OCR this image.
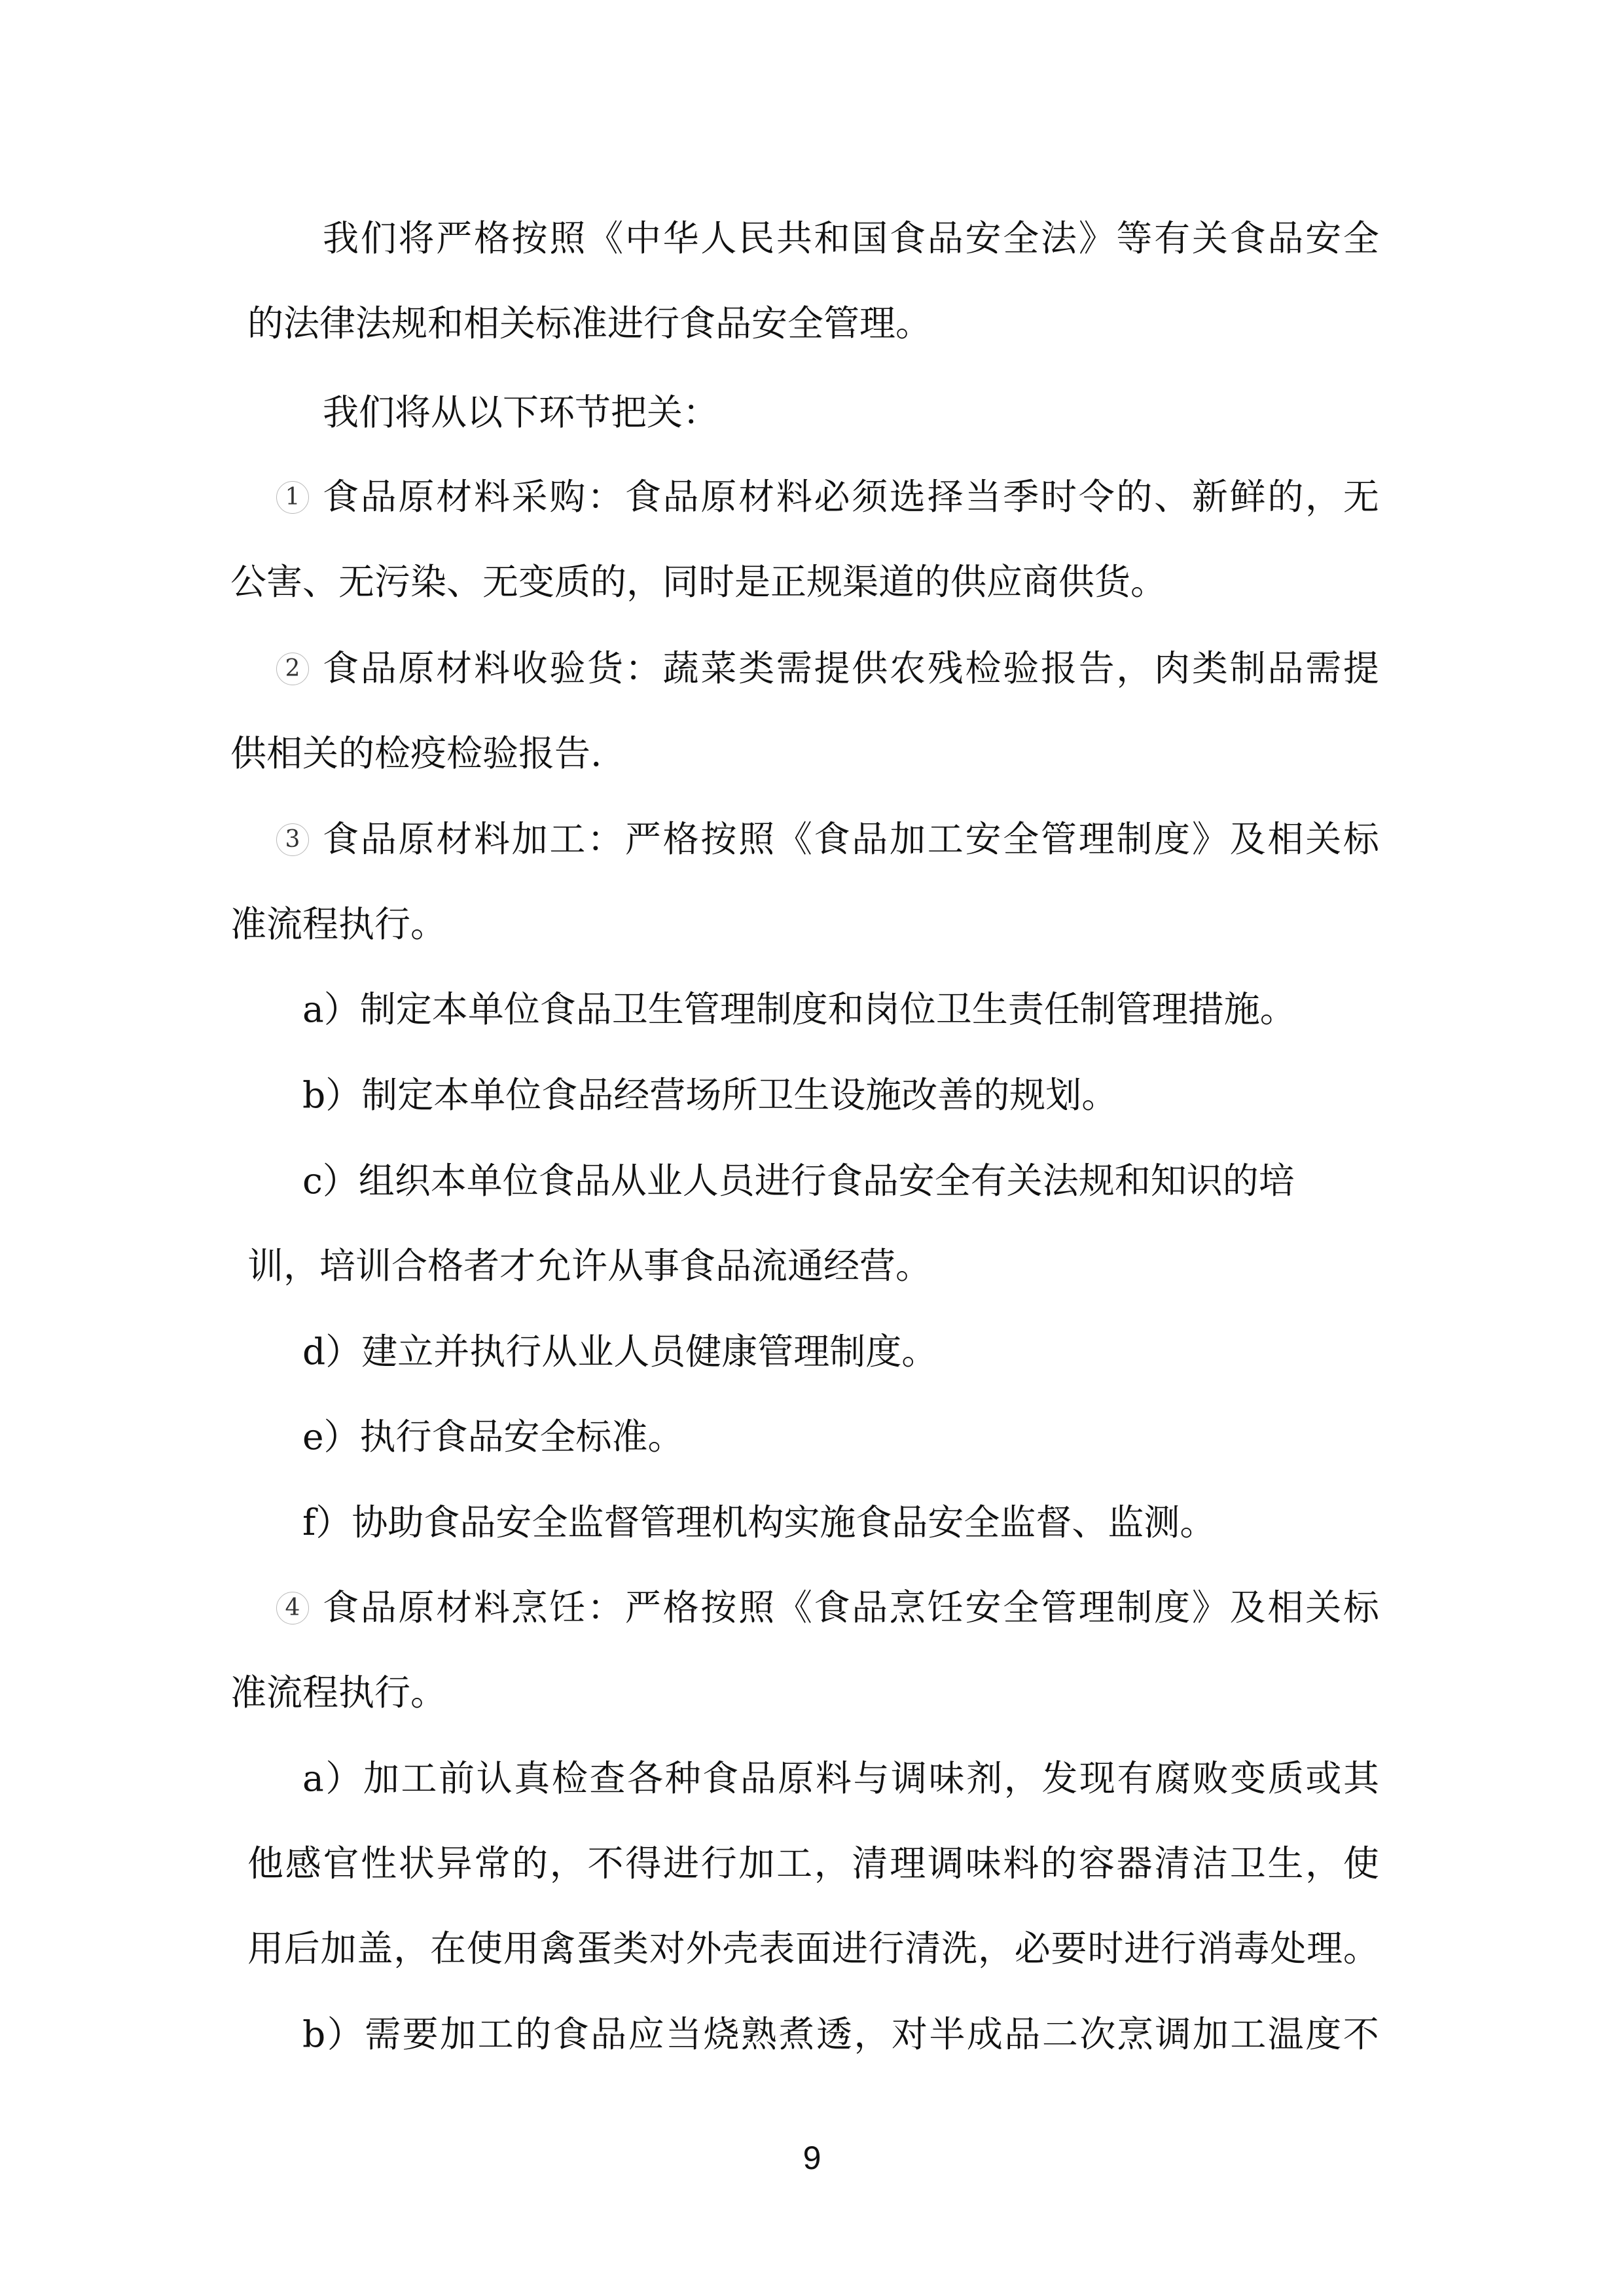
我 们 将 严 格 按 照 《 中 华 人 民 共 和 国 食 品 安 全 法 》 等 有 关 食 品 安 全
的法律法规和相关标准进行食品安全管理。
我们将从以下环节把关：
1 食 品 原 材 料 采 购 ： 食 品 原 材 料 必 须 选 择 当 季 时 令 的 、 新 鲜 的 ， 无
公害、无污染、无变质的，同时是正规渠道的供应商供货。
2 食 品 原 材 料 收 验 货 ： 蔬 菜 类 需 提 供 农 残 检 验 报 告 ， 肉 类 制 品 需 提
供相关的检疫检验报告.
3 食 品 原 材 料 加 工 ： 严 格 按 照 《 食 品 加 工 安 全 管 理 制 度 》 及 相 关 标
准流程执行。
a）制定本单位食品卫生管理制度和岗位卫生责任制管理措施。
b）制定本单位食品经营场所卫生设施改善的规划。
c）组织本单位食品从业人员进行食品安全有关法规和知识的培
训，培训合格者才允许从事食品流通经营。
d）建立并执行从业人员健康管理制度。
e）执行食品安全标准。
f）协助食品安全监督管理机构实施食品安全监督、监测。
4 食 品 原 材 料 烹 饪 ： 严 格 按 照 《 食 品 烹 饪 安 全 管 理 制 度 》 及 相 关 标
准流程执行。
a ） 加 工 前 认 真 检 查 各 种 食 品 原 料 与 调 味 剂 ， 发 现 有 腐 败 变 质 或 其
他 感 官 性 状 异 常 的 ， 不 得 进 行 加 工 ， 清 理 调 味 料 的 容 器 清 洁 卫 生 ， 使
用 后 加 盖 ， 在 使 用 禽 蛋 类 对 外 壳 表 面 进 行 清 洗 ， 必 要 时 进 行 消 毒 处 理 。
b ） 需 要 加 工 的 食 品 应 当 烧 熟 煮 透 ， 对 半 成 品 二 次 烹 调 加 工 温 度 不
9
